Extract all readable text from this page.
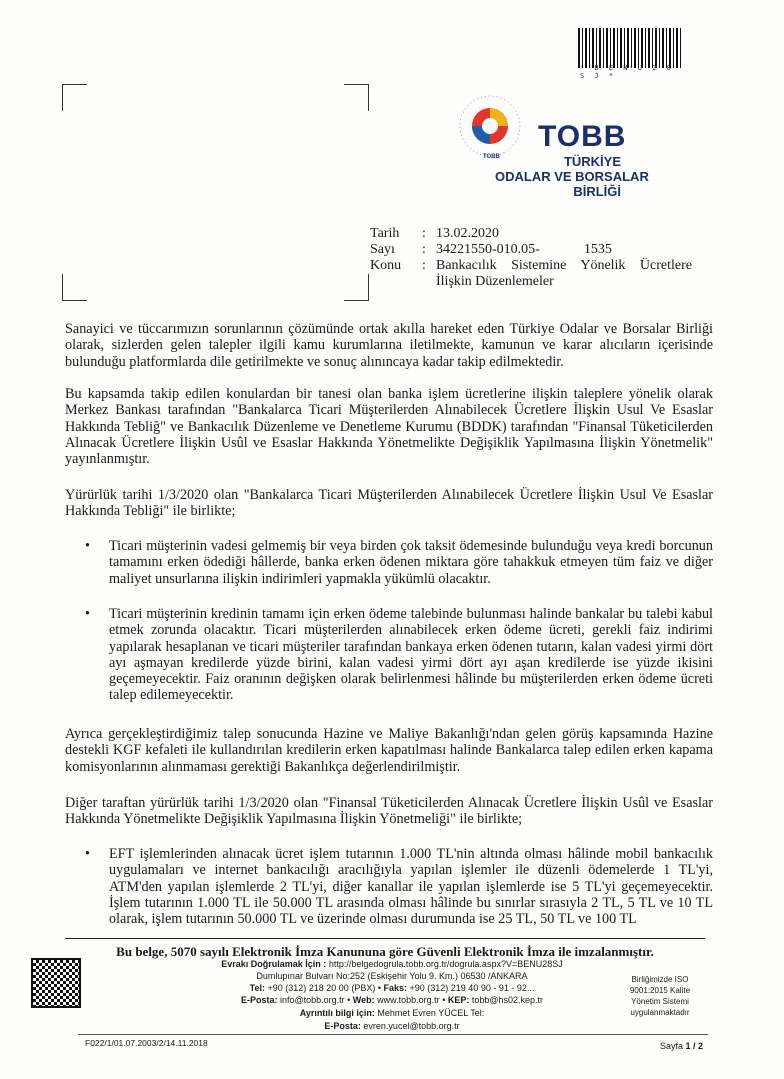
* B E N U 2 8 S J *
TOBB
TOBB
TÜRKİYE
ODALAR VE BORSALAR
BİRLİĞİ
Tarih	:	13.02.2020
Sayı	:	34221550-010.05- 1535
Konu	:	Bankacılık Sistemine Yönelik Ücretlere İlişkin Düzenlemeler

Sanayici ve tüccarımızın sorunlarının çözümünde ortak akılla hareket eden Türkiye Odalar ve Borsalar Birliği olarak, sizlerden gelen talepler ilgili kamu kurumlarına iletilmekte, kamunun ve karar alıcıların içerisinde bulunduğu platformlarda dile getirilmekte ve sonuç alınıncaya kadar takip edilmektedir.

Bu kapsamda takip edilen konulardan bir tanesi olan banka işlem ücretlerine ilişkin taleplere yönelik olarak Merkez Bankası tarafından "Bankalarca Ticari Müşterilerden Alınabilecek Ücretlere İlişkin Usul Ve Esaslar Hakkında Tebliğ" ve Bankacılık Düzenleme ve Denetleme Kurumu (BDDK) tarafından "Finansal Tüketicilerden Alınacak Ücretlere İlişkin Usûl ve Esaslar Hakkında Yönetmelikte Değişiklik Yapılmasına İlişkin Yönetmelik" yayınlanmıştır.

Yürürlük tarihi 1/3/2020 olan "Bankalarca Ticari Müşterilerden Alınabilecek Ücretlere İlişkin Usul Ve Esaslar Hakkında Tebliği" ile birlikte;

•	Ticari müşterinin vadesi gelmemiş bir veya birden çok taksit ödemesinde bulunduğu veya kredi borcunun tamamını erken ödediği hâllerde, banka erken ödenen miktara göre tahakkuk etmeyen tüm faiz ve diğer maliyet unsurlarına ilişkin indirimleri yapmakla yükümlü olacaktır.
•	Ticari müşterinin kredinin tamamı için erken ödeme talebinde bulunması halinde bankalar bu talebi kabul etmek zorunda olacaktır. Ticari müşterilerden alınabilecek erken ödeme ücreti, gerekli faiz indirimi yapılarak hesaplanan ve ticari müşteriler tarafından bankaya erken ödenen tutarın, kalan vadesi yirmi dört ayı aşmayan kredilerde yüzde birini, kalan vadesi yirmi dört ayı aşan kredilerde ise yüzde ikisini geçemeyecektir. Faiz oranının değişken olarak belirlenmesi hâlinde bu müşterilerden erken ödeme ücreti talep edilemeyecektir.

Ayrıca gerçekleştirdiğimiz talep sonucunda Hazine ve Maliye Bakanlığı'ndan gelen görüş kapsamında Hazine destekli KGF kefaleti ile kullandırılan kredilerin erken kapatılması halinde Bankalarca talep edilen erken kapama komisyonlarının alınmaması gerektiği Bakanlıkça değerlendirilmiştir.

Diğer taraftan yürürlük tarihi 1/3/2020 olan "Finansal Tüketicilerden Alınacak Ücretlere İlişkin Usûl ve Esaslar Hakkında Yönetmelikte Değişiklik Yapılmasına İlişkin Yönetmeliği" ile birlikte;

•	EFT işlemlerinden alınacak ücret işlem tutarının 1.000 TL'nin altında olması hâlinde mobil bankacılık uygulamaları ve internet bankacılığı aracılığıyla yapılan işlemler ile düzenli ödemelerde 1 TL'yi, ATM'den yapılan işlemlerde 2 TL'yi, diğer kanallar ile yapılan işlemlerde ise 5 TL'yi geçemeyecektir. İşlem tutarının 1.000 TL ile 50.000 TL arasında olması hâlinde bu sınırlar sırasıyla 2 TL, 5 TL ve 10 TL olarak, işlem tutarının 50.000 TL ve üzerinde olması durumunda ise 25 TL, 50 TL ve 100 TL
Bu belge, 5070 sayılı Elektronik İmza Kanununa göre Güvenli Elektronik İmza ile imzalanmıştır.
Evrakı Doğrulamak İçin : http://belgedogrula.tobb.org.tr/dogrula.aspx?V=BENU28SJ
Dumlupınar Bulvarı No:252 (Eskişehir Yolu 9. Km.) 06530 /ANKARA
Tel: +90 (312) 218 20 00 (PBX) • Faks: +90 (312) 219 40 90 - 91 - 92...
E-Posta: info@tobb.org.tr • Web: www.tobb.org.tr • KEP: tobb@hs02.kep.tr
Ayrıntılı bilgi için: Mehmet Evren YÜCEL Tel:
E-Posta: evren.yucel@tobb.org.tr
Birliğimizde ISO 9001:2015 Kalite Yönetim Sistemi uygulanmaktadır
F022/1/01.07.2003/2/14.11.2018	Sayfa 1 / 2
